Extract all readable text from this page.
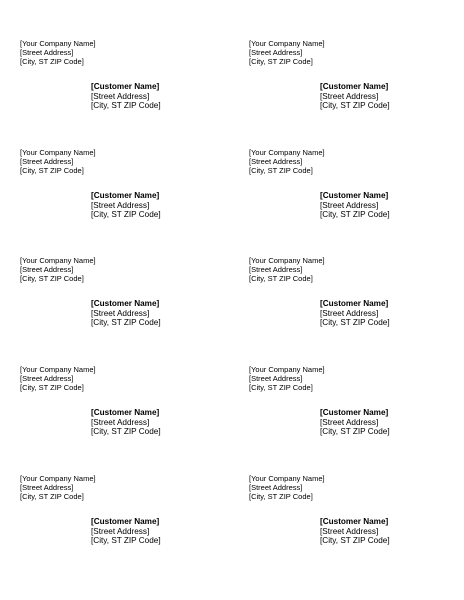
[Your Company Name]
[Street Address]
[City, ST ZIP Code]
[Customer Name]
[Street Address]
[City, ST ZIP Code]
[Your Company Name]
[Street Address]
[City, ST ZIP Code]
[Customer Name]
[Street Address]
[City, ST ZIP Code]
[Your Company Name]
[Street Address]
[City, ST ZIP Code]
[Customer Name]
[Street Address]
[City, ST ZIP Code]
[Your Company Name]
[Street Address]
[City, ST ZIP Code]
[Customer Name]
[Street Address]
[City, ST ZIP Code]
[Your Company Name]
[Street Address]
[City, ST ZIP Code]
[Customer Name]
[Street Address]
[City, ST ZIP Code]
[Your Company Name]
[Street Address]
[City, ST ZIP Code]
[Customer Name]
[Street Address]
[City, ST ZIP Code]
[Your Company Name]
[Street Address]
[City, ST ZIP Code]
[Customer Name]
[Street Address]
[City, ST ZIP Code]
[Your Company Name]
[Street Address]
[City, ST ZIP Code]
[Customer Name]
[Street Address]
[City, ST ZIP Code]
[Your Company Name]
[Street Address]
[City, ST ZIP Code]
[Customer Name]
[Street Address]
[City, ST ZIP Code]
[Your Company Name]
[Street Address]
[City, ST ZIP Code]
[Customer Name]
[Street Address]
[City, ST ZIP Code]
